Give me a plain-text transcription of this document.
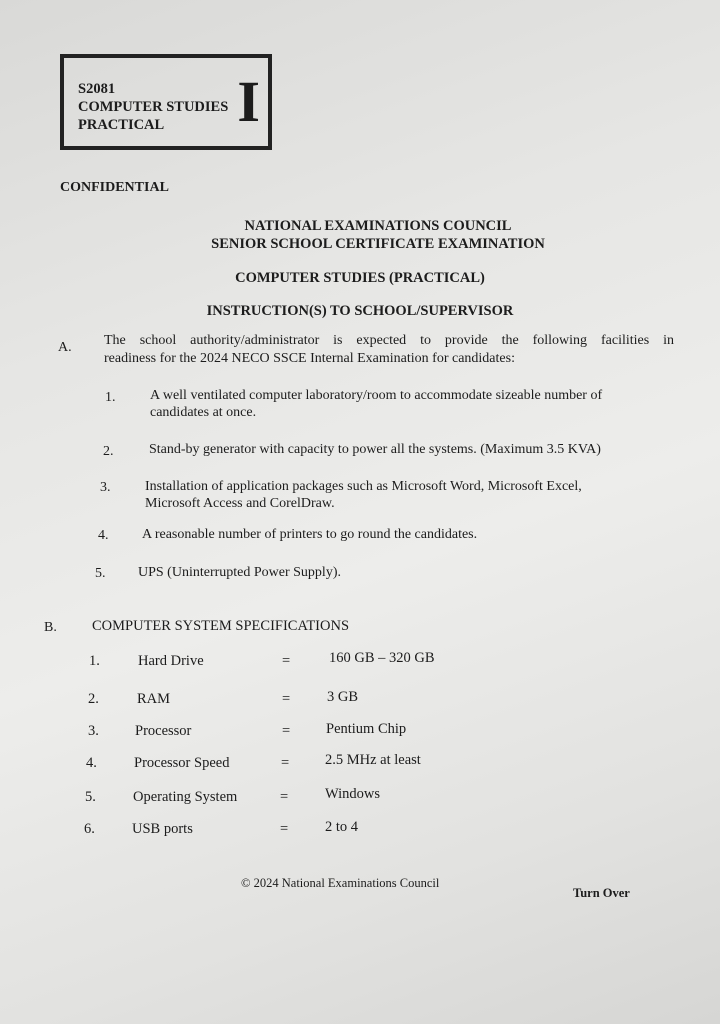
S2081
COMPUTER STUDIES
PRACTICAL	I
CONFIDENTIAL
NATIONAL EXAMINATIONS COUNCIL
SENIOR SCHOOL CERTIFICATE EXAMINATION
COMPUTER STUDIES (PRACTICAL)
INSTRUCTION(S) TO SCHOOL/SUPERVISOR
A. The school authority/administrator is expected to provide the following facilities in
readiness for the 2024 NECO SSCE Internal Examination for candidates:
1. A well ventilated computer laboratory/room to accommodate sizeable number of
candidates at once.
2.	Stand-by generator with capacity to power all the systems. (Maximum 3.5 KVA)
3. Installation of application packages such as Microsoft Word, Microsoft Excel,
Microsoft Access and CorelDraw.
4. A reasonable number of printers to go round the candidates.
5. UPS (Uninterrupted Power Supply).
B. COMPUTER SYSTEM SPECIFICATIONS
1.	Hard Drive	=	160 GB – 320 GB
2.	RAM	=	3 GB
3. Processor	= Pentium Chip
4.	Processor Speed	= 2.5 MHz at least
5.	Operating System	=	Windows
6.	USB ports	=	2 to 4
© 2024 National Examinations Council
Turn Over
